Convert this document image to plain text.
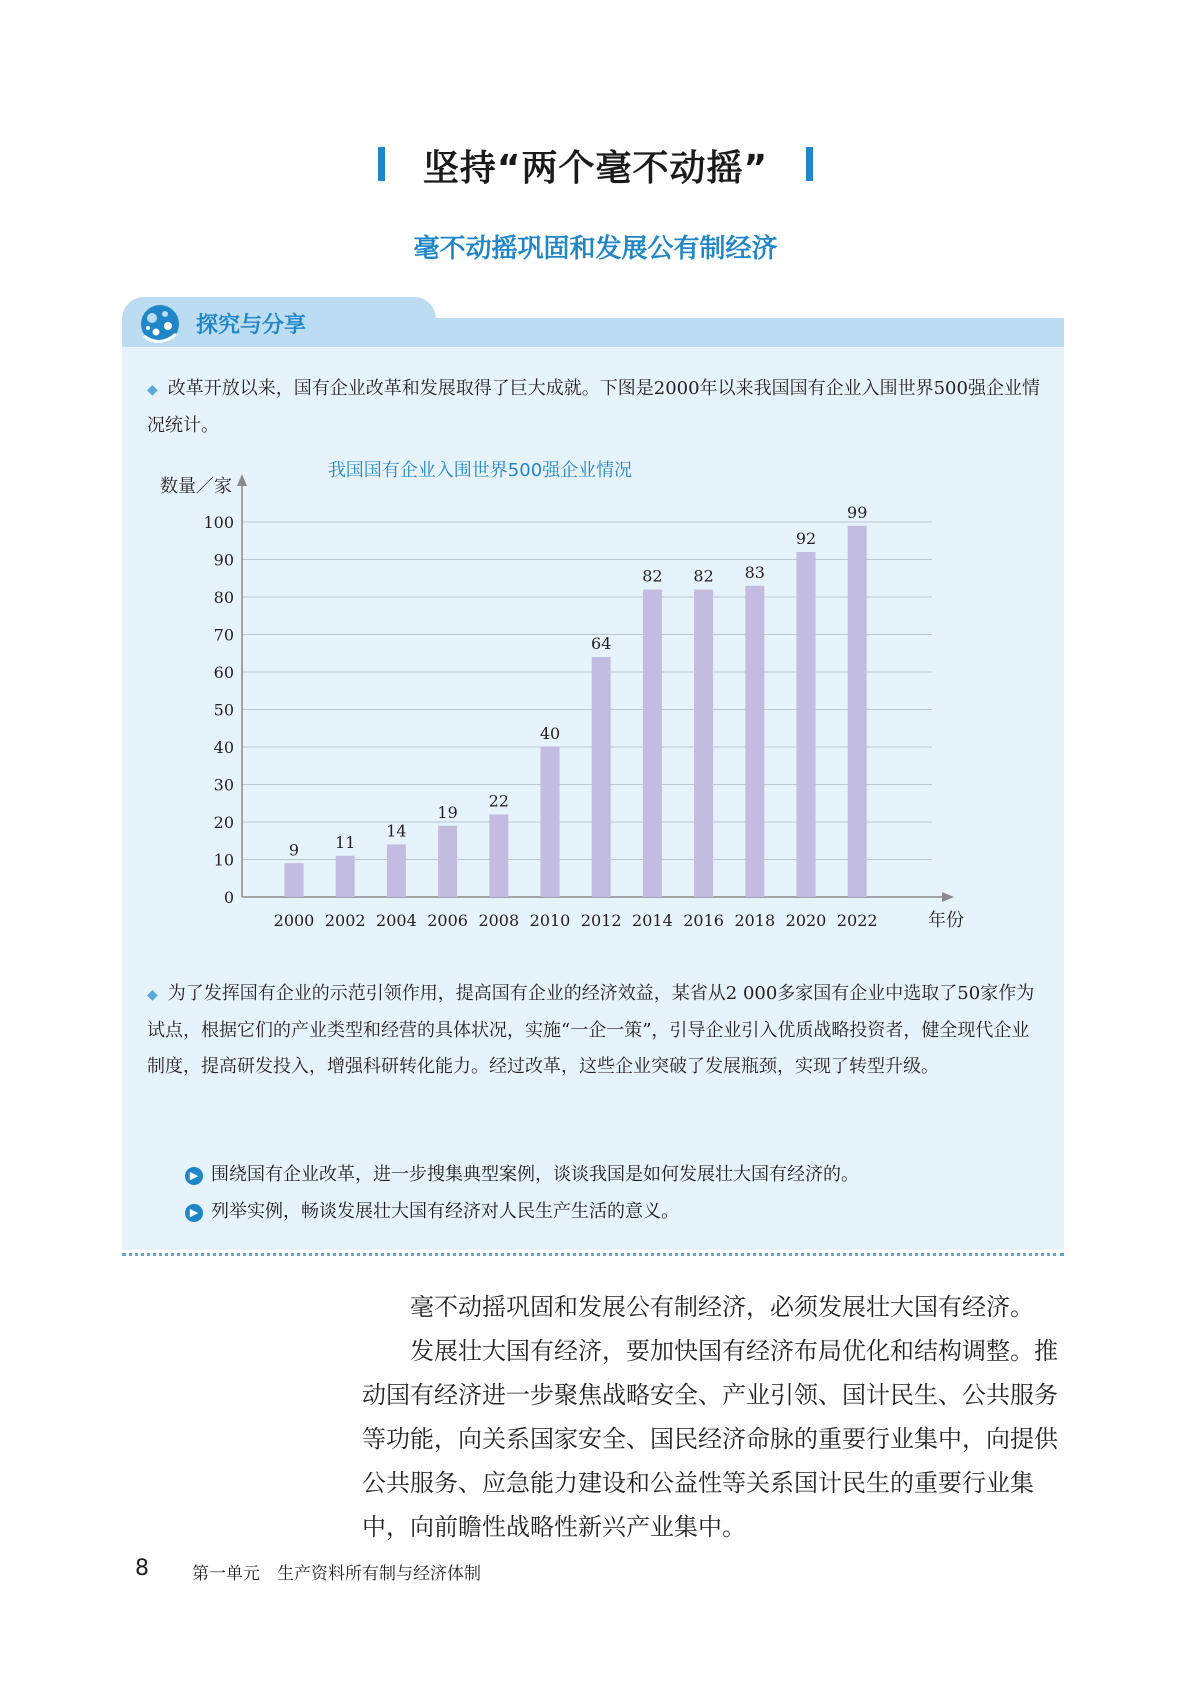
坚持“两个毫不动摇”
毫不动摇巩固和发展公有制经济
探究与分享
◆ 改革开放以来，国有企业改革和发展取得了巨大成就。下图是2000年以来我国国有企业入围世界500强企业情况统计。
我国国有企业入围世界500强企业情况
0
10
20
30
40
50
60
70
80
90
100
数量／家
年份
9
2000
11
2002
14
2004
19
2006
22
2008
40
2010
64
2012
82
2014
82
2016
83
2018
92
2020
99
2022
◆ 为了发挥国有企业的示范引领作用，提高国有企业的经济效益，某省从2 000多家国有企业中选取了50家作为试点，根据它们的产业类型和经营的具体状况，实施“一企一策”，引导企业引入优质战略投资者，健全现代企业制度，提高研发投入，增强科研转化能力。经过改革，这些企业突破了发展瓶颈，实现了转型升级。
▶ 围绕国有企业改革，进一步搜集典型案例，谈谈我国是如何发展壮大国有经济的。
▶ 列举实例，畅谈发展壮大国有经济对人民生产生活的意义。

毫不动摇巩固和发展公有制经济，必须发展壮大国有经济。

发展壮大国有经济，要加快国有经济布局优化和结构调整。推动国有经济进一步聚焦战略安全、产业引领、国计民生、公共服务等功能，向关系国家安全、国民经济命脉的重要行业集中，向提供公共服务、应急能力建设和公益性等关系国计民生的重要行业集中，向前瞻性战略性新兴产业集中。

8	第一单元　生产资料所有制与经济体制
